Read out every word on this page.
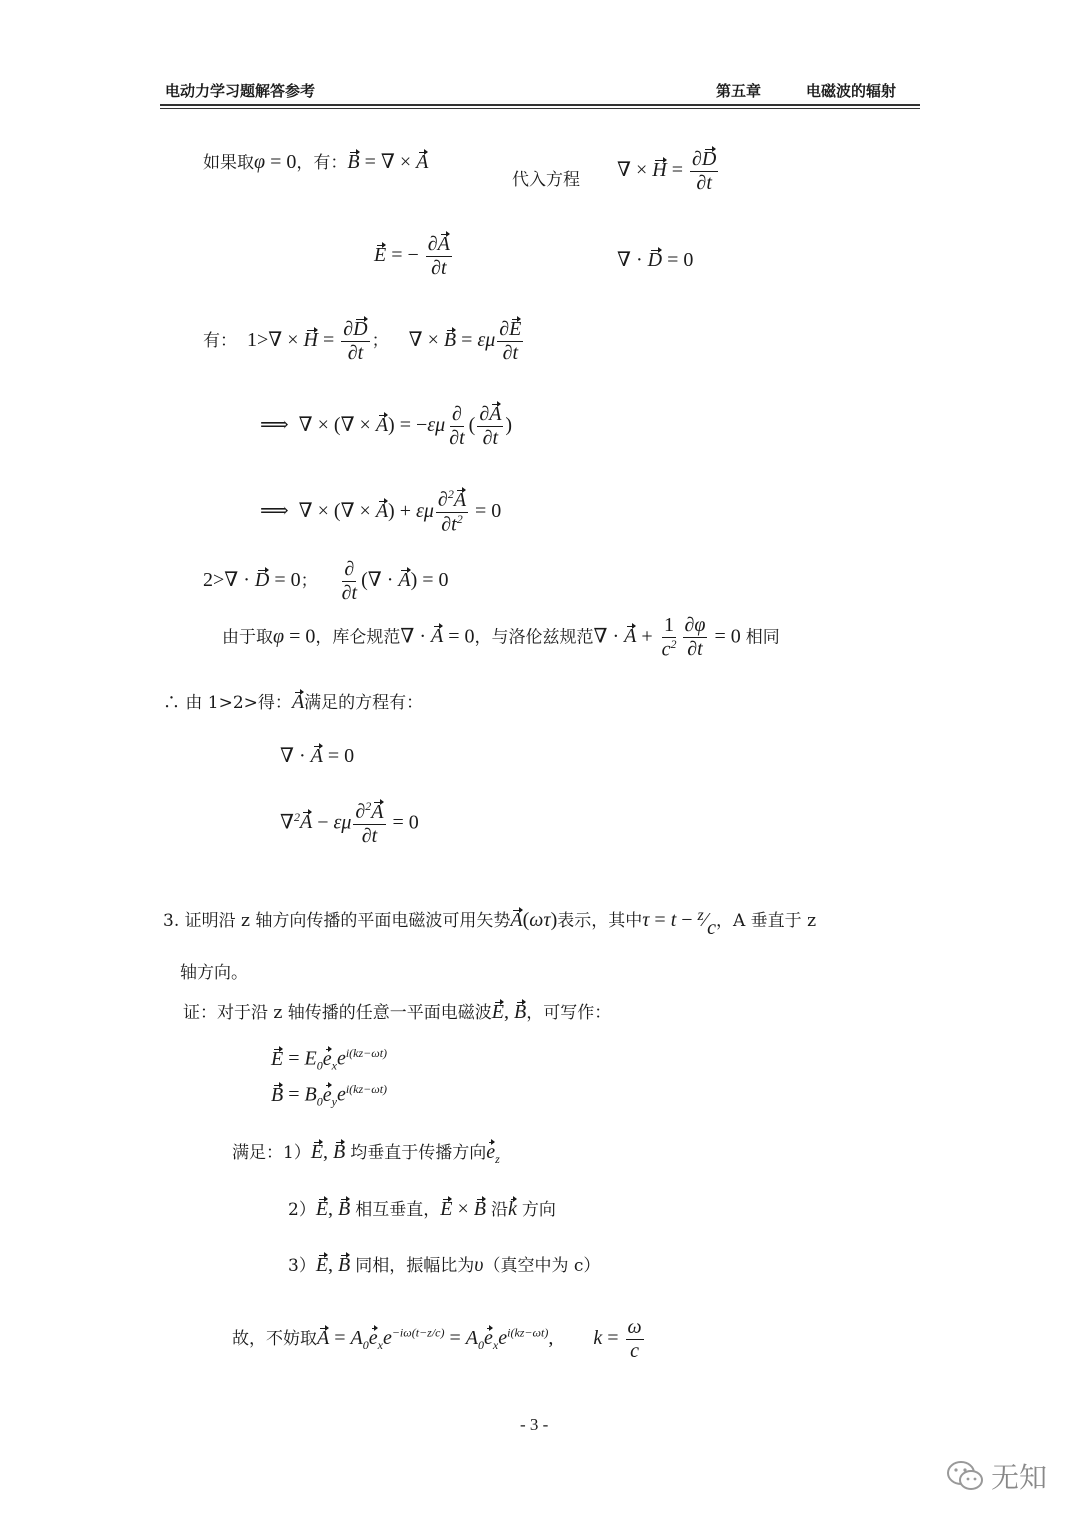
电动力学习题解答参考	第五章	电磁波的辐射
如果取φ = 0，有：B = ∇ × A
代入方程 ∇ × $H = \frac{\partial D}{\partial t}$
E = − $\frac{\partial A}{\partial t}$	∇ · D = 0
有： $1>\nabla \times H = \frac{\partial D}{\partial t}$ ；    ∇ × B = εμ $\frac{\partial E}{\partial t}$
⟹  ∇ × (∇ × $A) = -\varepsilon\mu \frac{\partial}{\partial t}$ ( $\frac{\partial A}{\partial t}$ )
⟹  ∇ × (∇ × A) + εμ $\frac{\partial^2A}{\partial t^2} = 0$
2>∇ · D = 0； $\frac{\partial}{\partial t}$ (∇ · A) = 0
由于取φ = 0，库仑规范∇ · A = 0，与洛伦兹规范∇ · $A + \frac{1}{c^2} \frac{\partial\varphi}{\partial t} = 0$ 相同
∴ 由 1>2>得：A满足的方程有：
∇ · A = 0
∇$^2$A − εμ $\frac{\partial^2A}{\partial t} = 0$
3. 证明沿 z 轴方向传播的平面电磁波可用矢势A(ωτ)表示，其中τ = t − $^z$⁄c，A 垂直于 z
轴方向。
证：对于沿 z 轴传播的任意一平面电磁波E, B，可写作：
$E = E_0e_xe^{i(kz-\omega t)}$
$B = B_0e_ye^{i(kz-\omega t)}$
满足：1）E, B 均垂直于传播方向$e_z$
2）E, B 相互垂直，E × B 沿k 方向
3）E, B 同相，振幅比为υ（真空中为 c）
故，不妨取$A = A_0e_xe^{-i\omega(t-z/c)} = A_0e_xe^{i(kz-\omega t)}$,        $k = \frac{\omega}{c}$
- 3 -
无知
